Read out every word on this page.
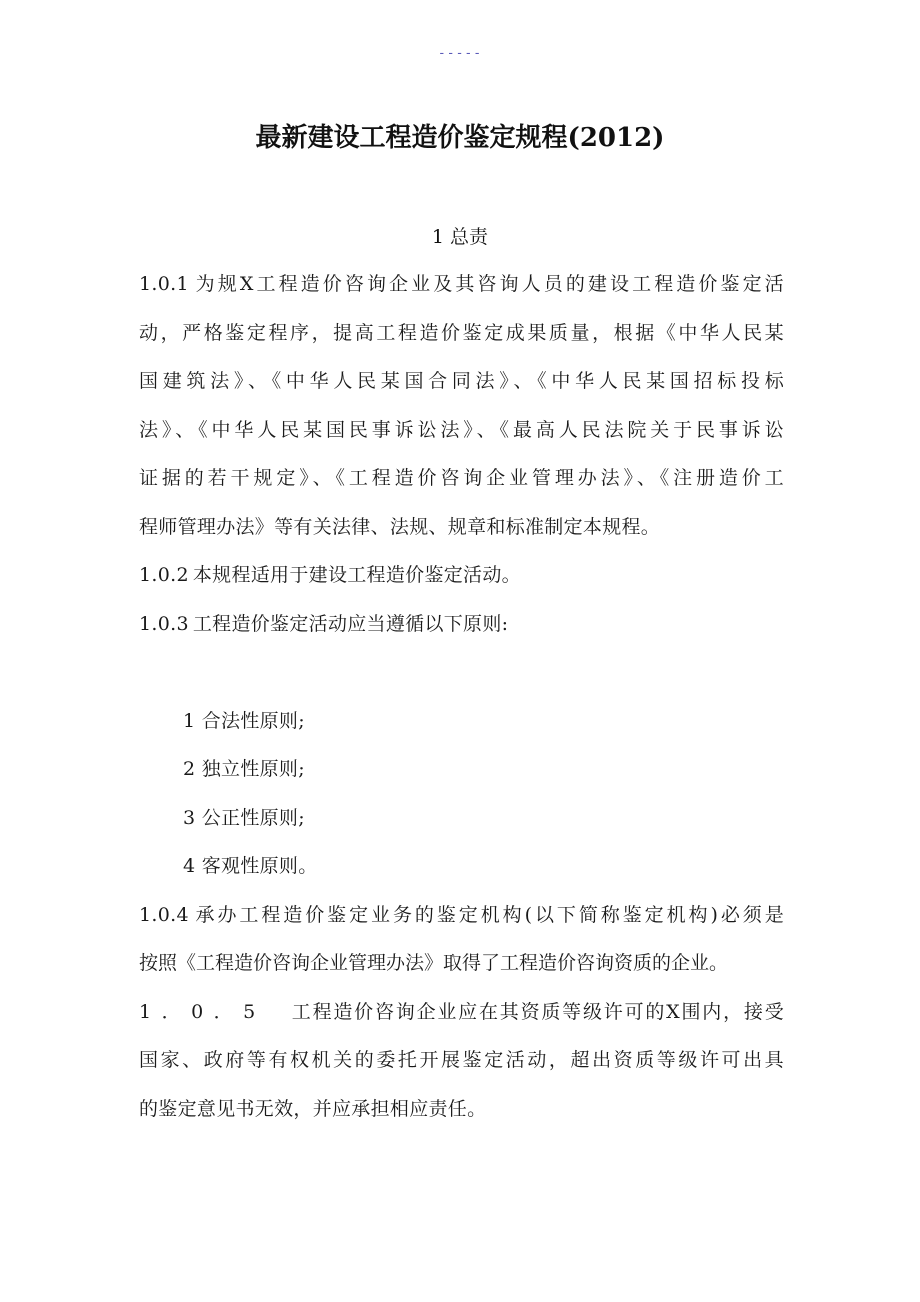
-----
最新建设工程造价鉴定规程(2012)
1 总责
1.0.1 为规X工程造价咨询企业及其咨询人员的建设工程造价鉴定活
动，严格鉴定程序，提高工程造价鉴定成果质量，根据《中华人民某
国建筑法》、《中华人民某国合同法》、《中华人民某国招标投标
法》、《中华人民某国民事诉讼法》、《最高人民法院关于民事诉讼
证据的若干规定》、《工程造价咨询企业管理办法》、《注册造价工
程师管理办法》等有关法律、法规、规章和标准制定本规程。
1.0.2 本规程适用于建设工程造价鉴定活动。
1.0.3 工程造价鉴定活动应当遵循以下原则:
1 合法性原则;
2 独立性原则;
3 公正性原则;
4 客观性原则。
1.0.4 承办工程造价鉴定业务的鉴定机构(以下简称鉴定机构)必须是
按照《工程造价咨询企业管理办法》取得了工程造价咨询资质的企业。
1．0．5 工程造价咨询企业应在其资质等级许可的X围内，接受
国家、政府等有权机关的委托开展鉴定活动，超出资质等级许可出具
的鉴定意见书无效，并应承担相应责任。
